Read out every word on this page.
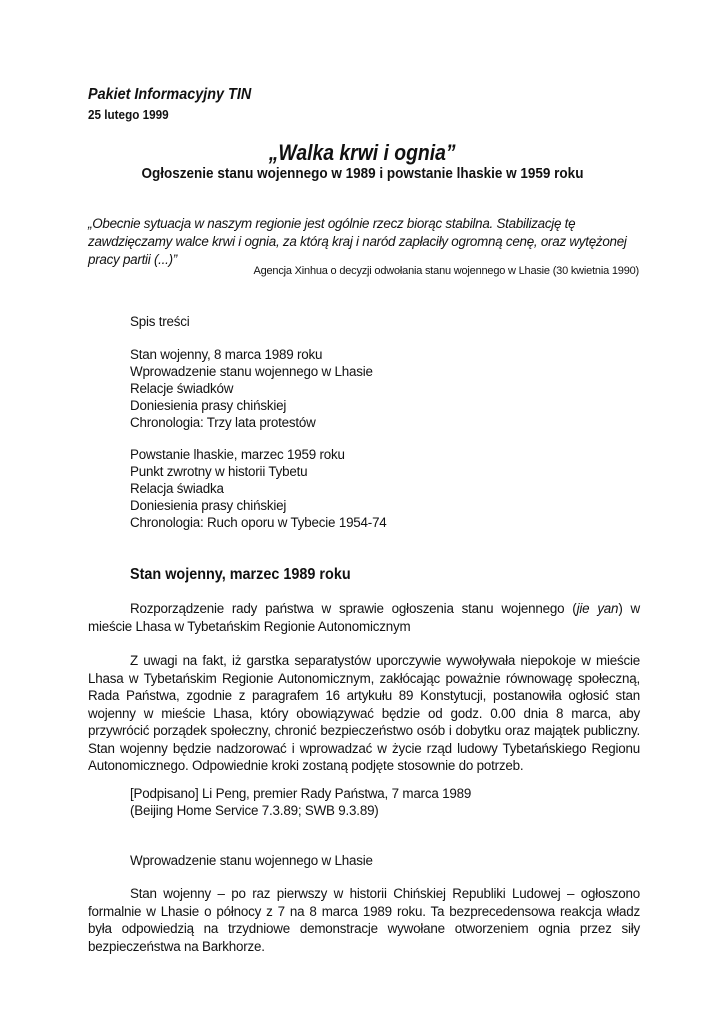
Pakiet Informacyjny TIN
25 lutego 1999
„Walka krwi i ognia”
Ogłoszenie stanu wojennego w 1989 i powstanie lhaskie w 1959 roku
„Obecnie sytuacja w naszym regionie jest ogólnie rzecz biorąc stabilna. Stabilizację tę zawdzięczamy walce krwi i ognia, za którą kraj i naród zapłaciły ogromną cenę, oraz wytężonej pracy partii (...)”
Agencja Xinhua o decyzji odwołania stanu wojennego w Lhasie (30 kwietnia 1990)
Spis treści
Stan wojenny, 8 marca 1989 roku
Wprowadzenie stanu wojennego w Lhasie
Relacje świadków
Doniesienia prasy chińskiej
Chronologia: Trzy lata protestów
Powstanie lhaskie, marzec 1959 roku
Punkt zwrotny w historii Tybetu
Relacja świadka
Doniesienia prasy chińskiej
Chronologia: Ruch oporu w Tybecie 1954-74
Stan wojenny, marzec 1989 roku
Rozporządzenie rady państwa w sprawie ogłoszenia stanu wojennego (jie yan) w mieście Lhasa w Tybetańskim Regionie Autonomicznym
Z uwagi na fakt, iż garstka separatystów uporczywie wywoływała niepokoje w mieście Lhasa w Tybetańskim Regionie Autonomicznym, zakłócając poważnie równowagę społeczną, Rada Państwa, zgodnie z paragrafem 16 artykułu 89 Konstytucji, postanowiła ogłosić stan wojenny w mieście Lhasa, który obowiązywać będzie od godz. 0.00 dnia 8 marca, aby przywrócić porządek społeczny, chronić bezpieczeństwo osób i dobytku oraz majątek publiczny. Stan wojenny będzie nadzorować i wprowadzać w życie rząd ludowy Tybetańskiego Regionu Autonomicznego. Odpowiednie kroki zostaną podjęte stosownie do potrzeb.
[Podpisano] Li Peng, premier Rady Państwa, 7 marca 1989
(Beijing Home Service 7.3.89; SWB 9.3.89)
Wprowadzenie stanu wojennego w Lhasie
Stan wojenny – po raz pierwszy w historii Chińskiej Republiki Ludowej – ogłoszono formalnie w Lhasie o północy z 7 na 8 marca 1989 roku. Ta bezprecedensowa reakcja władz była odpowiedzią na trzydniowe demonstracje wywołane otworzeniem ognia przez siły bezpieczeństwa na Barkhorze.
